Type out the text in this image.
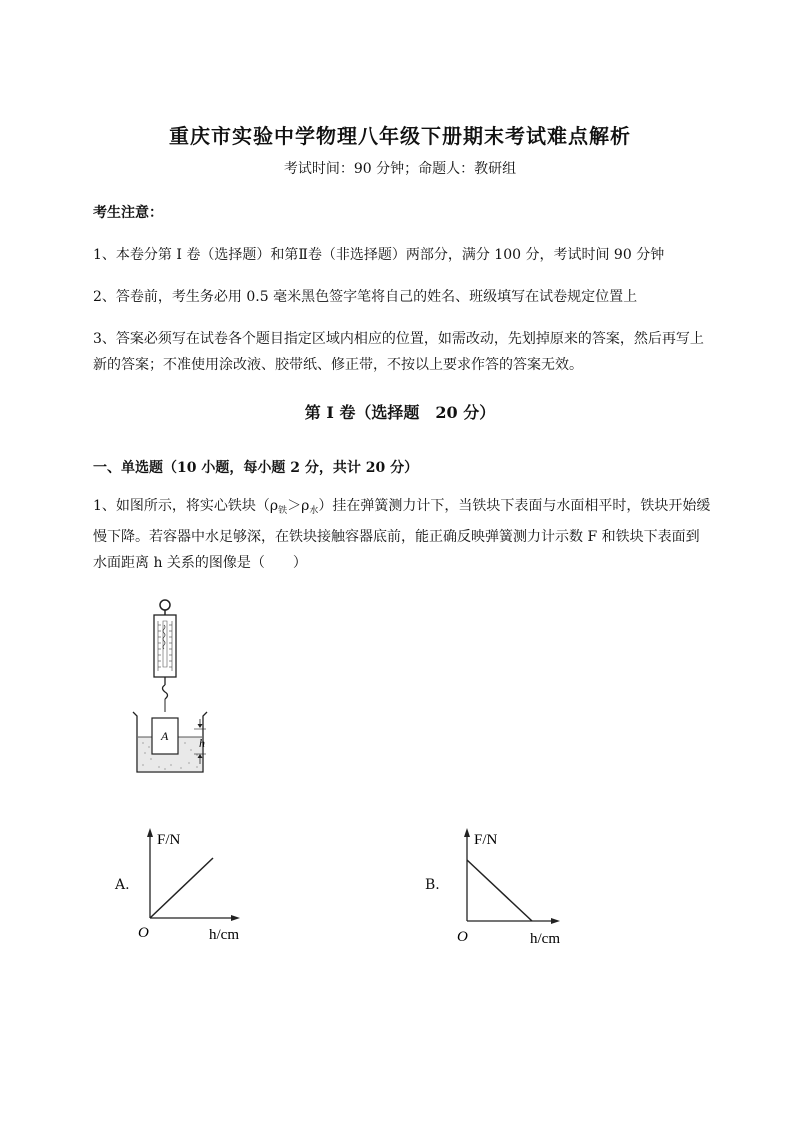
重庆市实验中学物理八年级下册期末考试难点解析
考试时间：90 分钟；命题人：教研组
考生注意：
1、本卷分第 I 卷（选择题）和第Ⅱ卷（非选择题）两部分，满分 100 分，考试时间 90 分钟
2、答卷前，考生务必用 0.5 毫米黑色签字笔将自己的姓名、班级填写在试卷规定位置上
3、答案必须写在试卷各个题目指定区域内相应的位置，如需改动，先划掉原来的答案，然后再写上新的答案；不准使用涂改液、胶带纸、修正带，不按以上要求作答的答案无效。
第 I 卷（选择题　20 分）
一、单选题（10 小题，每小题 2 分，共计 20 分）
1、如图所示，将实心铁块$(\rho_铁>\rho_水)$挂在弹簧测力计下，当铁块下表面与水面相平时，铁块开始缓慢下降。若容器中水足够深，在铁块接触容器底前，能正确反映弹簧测力计示数 F 和铁块下表面到水面距离 h 关系的图像是（　　）
A	h
A.
F/N
O	h/cm
B.
F/N
O	h/cm
